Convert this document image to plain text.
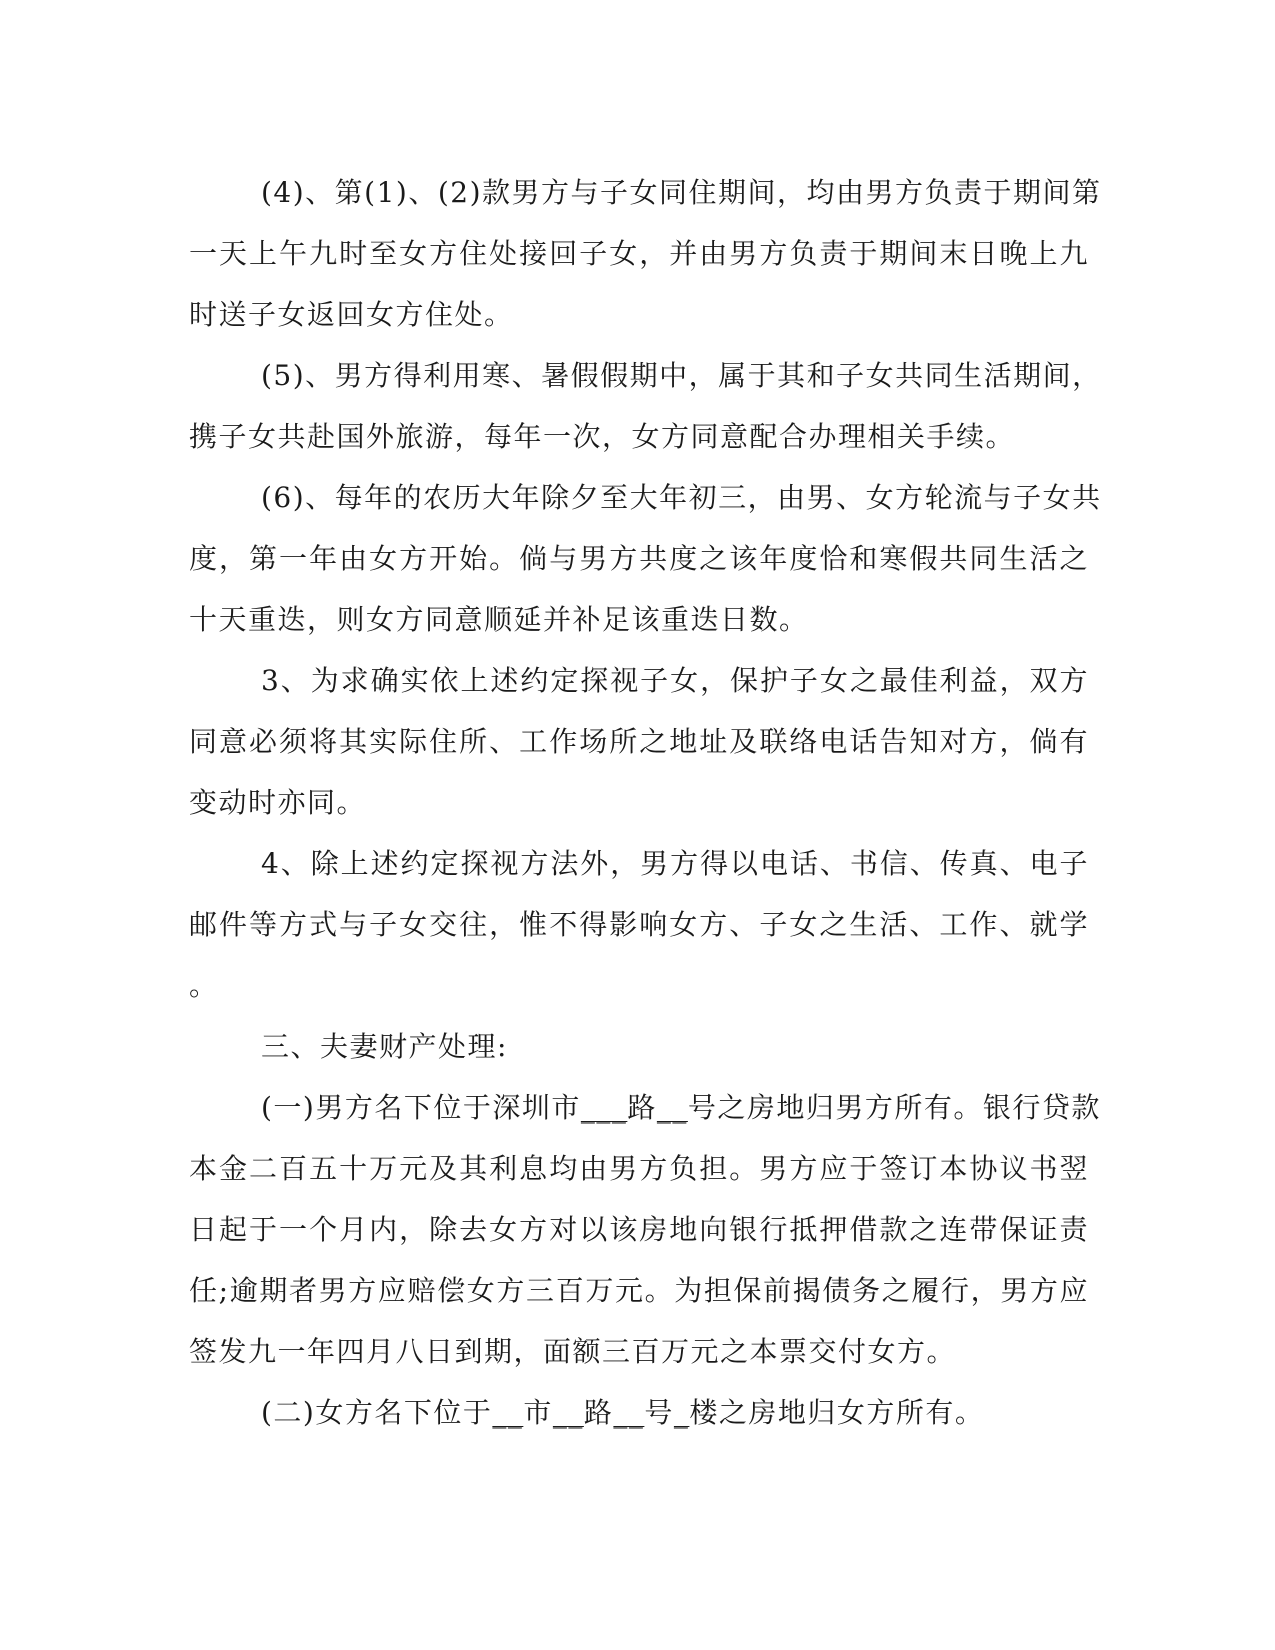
(4)、第(1)、(2)款男方与子女同住期间，均由男方负责于期间第
一天上午九时至女方住处接回子女，并由男方负责于期间末日晚上九
时送子女返回女方住处。
(5)、男方得利用寒、暑假假期中，属于其和子女共同生活期间，
携子女共赴国外旅游，每年一次，女方同意配合办理相关手续。
(6)、每年的农历大年除夕至大年初三，由男、女方轮流与子女共
度，第一年由女方开始。倘与男方共度之该年度恰和寒假共同生活之
十天重迭，则女方同意顺延并补足该重迭日数。
3、为求确实依上述约定探视子女，保护子女之最佳利益，双方
同意必须将其实际住所、工作场所之地址及联络电话告知对方，倘有
变动时亦同。
4、除上述约定探视方法外，男方得以电话、书信、传真、电子
邮件等方式与子女交往，惟不得影响女方、子女之生活、工作、就学
。
三、夫妻财产处理:
(一)男方名下位于深圳市___路__号之房地归男方所有。银行贷款
本金二百五十万元及其利息均由男方负担。男方应于签订本协议书翌
日起于一个月内，除去女方对以该房地向银行抵押借款之连带保证责
任;逾期者男方应赔偿女方三百万元。为担保前揭债务之履行，男方应
签发九一年四月八日到期，面额三百万元之本票交付女方。
(二)女方名下位于__市__路__号_楼之房地归女方所有。
